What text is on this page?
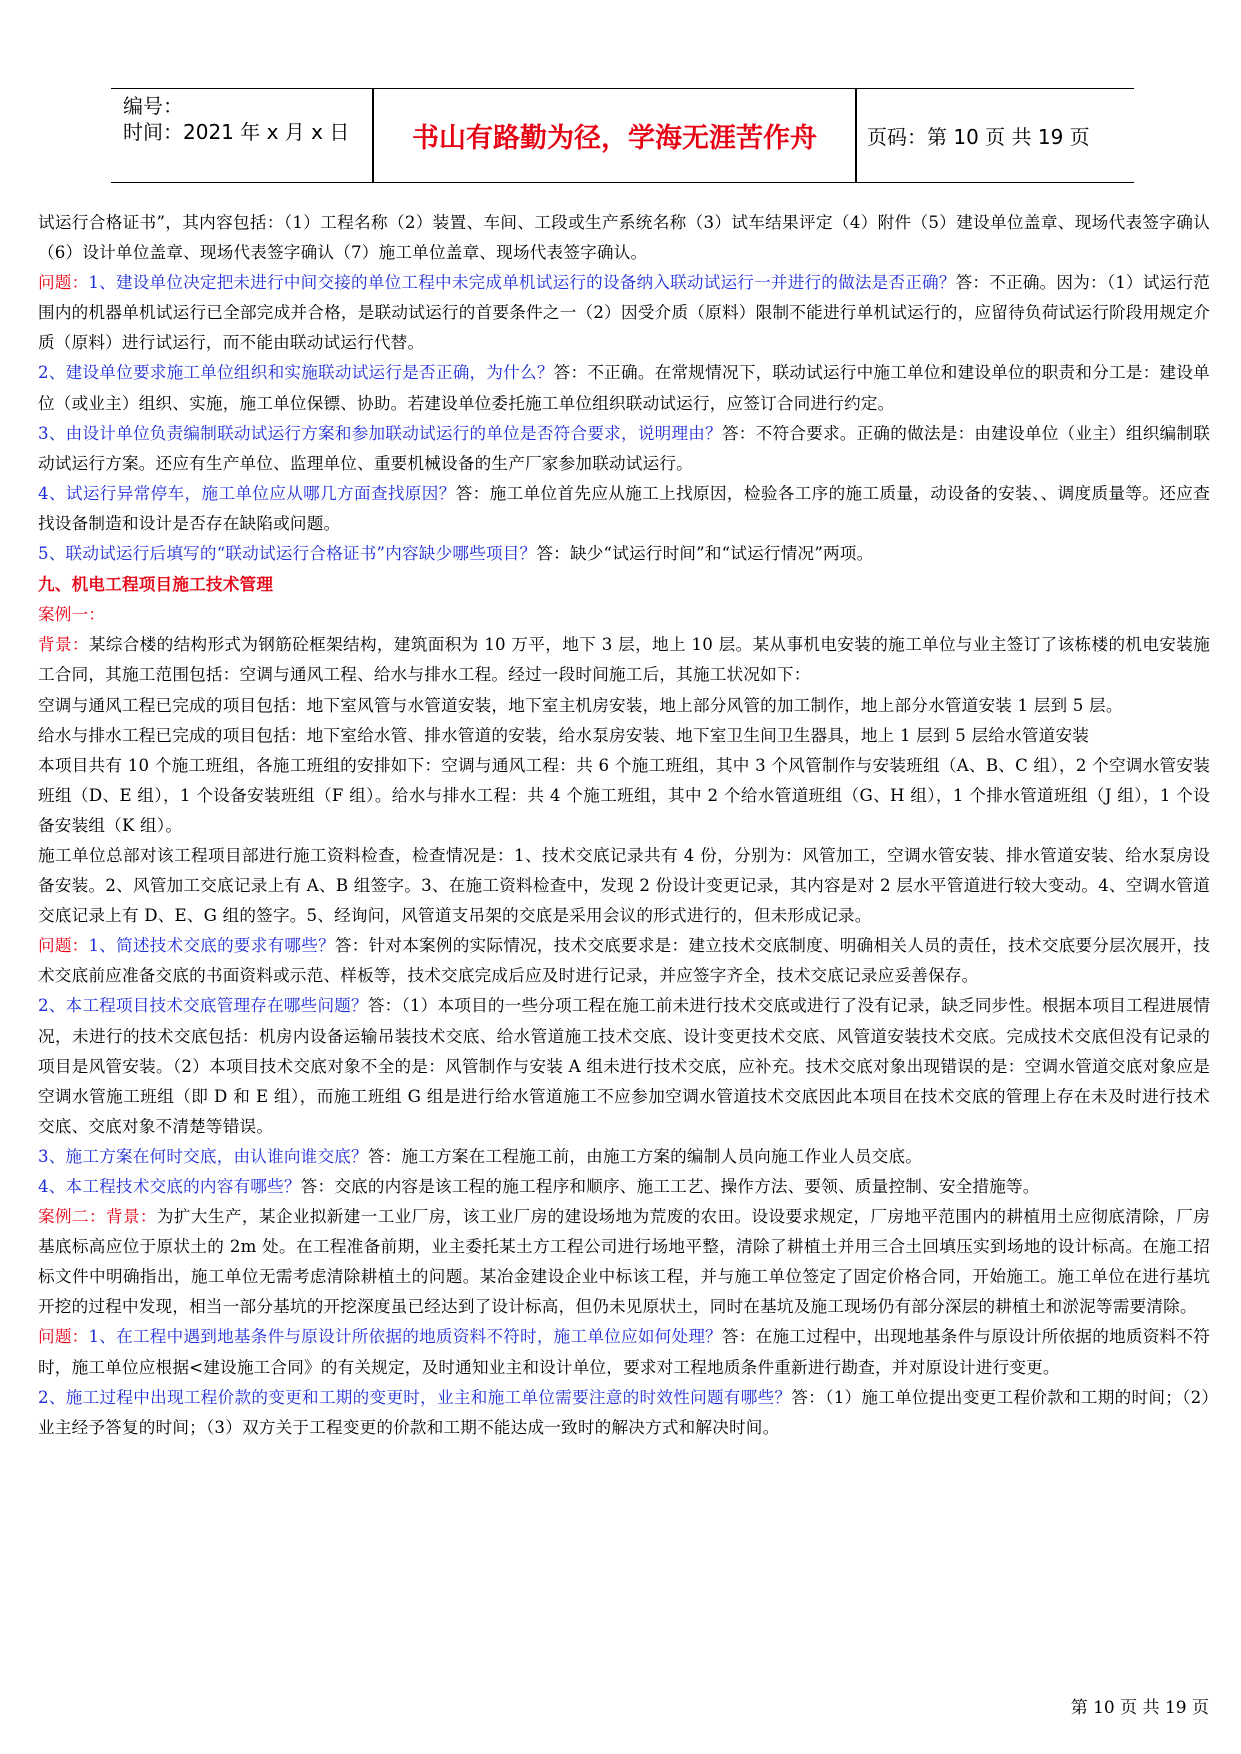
编号：
时间：2021 年 x 月 x 日	书山有路勤为径，学海无涯苦作舟	页码：第 10 页 共 19 页

试运行合格证书”，其内容包括：（1）工程名称（2）装置、车间、工段或生产系统名称（3）试车结果评定（4）附件（5）建设单位盖章、现场代表签字确认（6）设计单位盖章、现场代表签字确认（7）施工单位盖章、现场代表签字确认。

问题：1、建设单位决定把未进行中间交接的单位工程中未完成单机试运行的设备纳入联动试运行一并进行的做法是否正确？答：不正确。因为：（1）试运行范围内的机器单机试运行已全部完成并合格，是联动试运行的首要条件之一（2）因受介质（原料）限制不能进行单机试运行的，应留待负荷试运行阶段用规定介质（原料）进行试运行，而不能由联动试运行代替。

2、建设单位要求施工单位组织和实施联动试运行是否正确，为什么？答：不正确。在常规情况下，联动试运行中施工单位和建设单位的职责和分工是：建设单位（或业主）组织、实施，施工单位保镖、协助。若建设单位委托施工单位组织联动试运行，应签订合同进行约定。

3、由设计单位负责编制联动试运行方案和参加联动试运行的单位是否符合要求，说明理由？答：不符合要求。正确的做法是：由建设单位（业主）组织编制联动试运行方案。还应有生产单位、监理单位、重要机械设备的生产厂家参加联动试运行。

4、试运行异常停车，施工单位应从哪几方面查找原因？答：施工单位首先应从施工上找原因，检验各工序的施工质量，动设备的安装、、调度质量等。还应查找设备制造和设计是否存在缺陷或问题。

5、联动试运行后填写的“联动试运行合格证书”内容缺少哪些项目？答：缺少“试运行时间”和“试运行情况”两项。

九、机电工程项目施工技术管理

案例一：

背景：某综合楼的结构形式为钢筋砼框架结构，建筑面积为 10 万平，地下 3 层，地上 10 层。某从事机电安装的施工单位与业主签订了该栋楼的机电安装施工合同，其施工范围包括：空调与通风工程、给水与排水工程。经过一段时间施工后，其施工状况如下：

空调与通风工程已完成的项目包括：地下室风管与水管道安装，地下室主机房安装，地上部分风管的加工制作，地上部分水管道安装 1 层到 5 层。

给水与排水工程已完成的项目包括：地下室给水管、排水管道的安装，给水泵房安装、地下室卫生间卫生器具，地上 1 层到 5 层给水管道安装

本项目共有 10 个施工班组，各施工班组的安排如下：空调与通风工程：共 6 个施工班组，其中 3 个风管制作与安装班组（A、B、C 组），2 个空调水管安装班组（D、E 组），1 个设备安装班组（F 组）。给水与排水工程：共 4 个施工班组，其中 2 个给水管道班组（G、H 组），1 个排水管道班组（J 组），1 个设备安装组（K 组）。

施工单位总部对该工程项目部进行施工资料检查，检查情况是：1、技术交底记录共有 4 份，分别为：风管加工，空调水管安装、排水管道安装、给水泵房设备安装。2、风管加工交底记录上有 A、B 组签字。3、在施工资料检查中，发现 2 份设计变更记录，其内容是对 2 层水平管道进行较大变动。4、空调水管道交底记录上有 D、E、G 组的签字。5、经询问，风管道支吊架的交底是采用会议的形式进行的，但未形成记录。

问题：1、简述技术交底的要求有哪些？答：针对本案例的实际情况，技术交底要求是：建立技术交底制度、明确相关人员的责任，技术交底要分层次展开，技术交底前应准备交底的书面资料或示范、样板等，技术交底完成后应及时进行记录，并应签字齐全，技术交底记录应妥善保存。

2、本工程项目技术交底管理存在哪些问题？答：（1）本项目的一些分项工程在施工前未进行技术交底或进行了没有记录，缺乏同步性。根据本项目工程进展情况，未进行的技术交底包括：机房内设备运输吊装技术交底、给水管道施工技术交底、设计变更技术交底、风管道安装技术交底。完成技术交底但没有记录的项目是风管安装。（2）本项目技术交底对象不全的是：风管制作与安装 A 组未进行技术交底，应补充。技术交底对象出现错误的是：空调水管道交底对象应是空调水管施工班组（即 D 和 E 组），而施工班组 G 组是进行给水管道施工不应参加空调水管道技术交底因此本项目在技术交底的管理上存在未及时进行技术交底、交底对象不清楚等错误。

3、施工方案在何时交底，由认谁向谁交底？答：施工方案在工程施工前，由施工方案的编制人员向施工作业人员交底。

4、本工程技术交底的内容有哪些？答：交底的内容是该工程的施工程序和顺序、施工工艺、操作方法、要领、质量控制、安全措施等。

案例二：背景：为扩大生产，某企业拟新建一工业厂房，该工业厂房的建设场地为荒废的农田。设设要求规定，厂房地平范围内的耕植用土应彻底清除，厂房基底标高应位于原状土的 2m 处。在工程准备前期，业主委托某土方工程公司进行场地平整，清除了耕植土并用三合土回填压实到场地的设计标高。在施工招标文件中明确指出，施工单位无需考虑清除耕植土的问题。某冶金建设企业中标该工程，并与施工单位签定了固定价格合同，开始施工。施工单位在进行基坑开挖的过程中发现，相当一部分基坑的开挖深度虽已经达到了设计标高，但仍未见原状土，同时在基坑及施工现场仍有部分深层的耕植土和淤泥等需要清除。

问题：1、在工程中遇到地基条件与原设计所依据的地质资料不符时，施工单位应如何处理？答：在施工过程中，出现地基条件与原设计所依据的地质资料不符时，施工单位应根据<建设施工合同》的有关规定，及时通知业主和设计单位，要求对工程地质条件重新进行勘查，并对原设计进行变更。

2、施工过程中出现工程价款的变更和工期的变更时，业主和施工单位需要注意的时效性问题有哪些？答：（1）施工单位提出变更工程价款和工期的时间；（2）业主经予答复的时间；（3）双方关于工程变更的价款和工期不能达成一致时的解决方式和解决时间。

第 10 页 共 19 页
